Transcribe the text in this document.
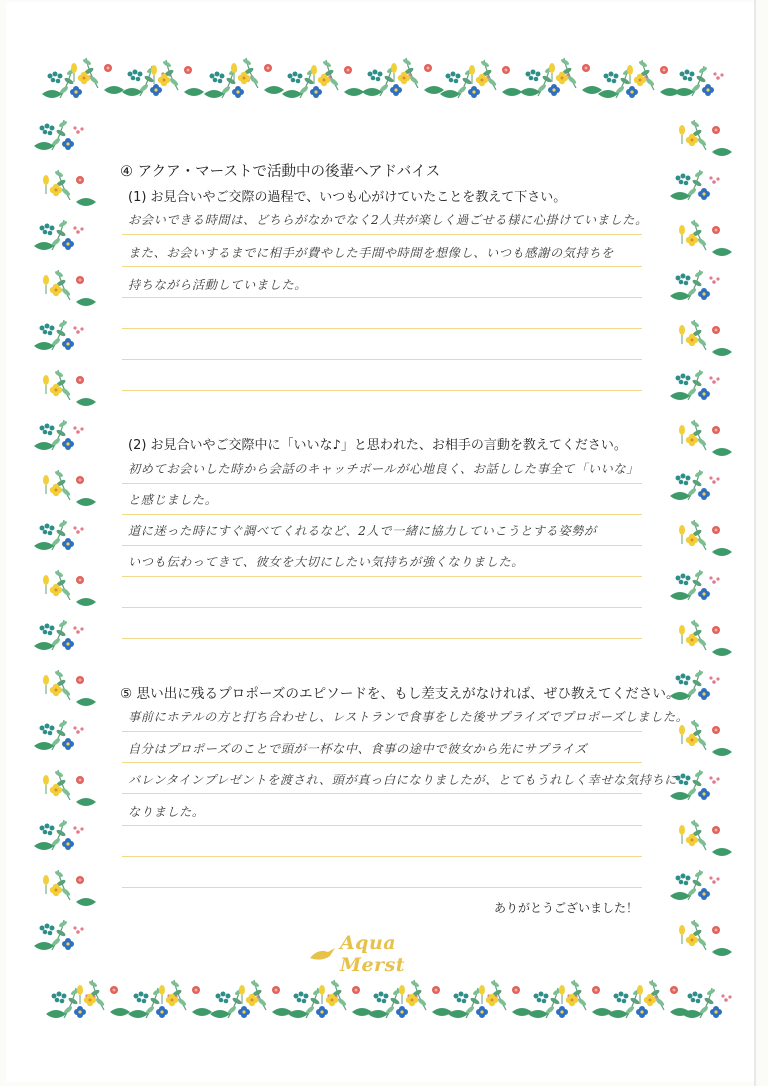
④ アクア・マーストで活動中の後輩へアドバイス
(1) お見合いやご交際の過程で、いつも心がけていたことを教えて下さい。
お会いできる時間は、どちらがなかでなく2人共が楽しく過ごせる様に心掛けていました。
また、お会いするまでに相手が費やした手間や時間を想像し、いつも感謝の気持ちを
持ちながら活動していました。
(2) お見合いやご交際中に「いいな♪」と思われた、お相手の言動を教えてください。
初めてお会いした時から会話のキャッチボールが心地良く、お話しした事全て「いいな」
と感じました。
道に迷った時にすぐ調べてくれるなど、2人で一緒に協力していこうとする姿勢が
いつも伝わってきて、彼女を大切にしたい気持ちが強くなりました。
⑤ 思い出に残るプロポーズのエピソードを、もし差支えがなければ、ぜひ教えてください。
事前にホテルの方と打ち合わせし、レストランで食事をした後サプライズでプロポーズしました。
自分はプロポーズのことで頭が一杯な中、食事の途中で彼女から先にサプライズ
バレンタインプレゼントを渡され、頭が真っ白になりましたが、とてもうれしく幸せな気持ちに
なりました。
ありがとうございました！
Aqua Merst
